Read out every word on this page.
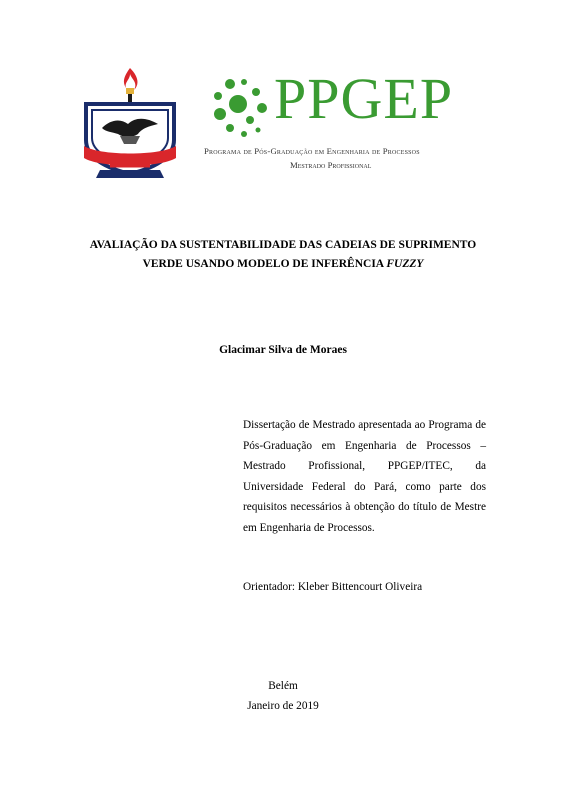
PPGEP
Programa de Pós-Graduação em Engenharia de Processos
Mestrado Profissional
AVALIAÇÃO DA SUSTENTABILIDADE DAS CADEIAS DE SUPRIMENTO
VERDE USANDO MODELO DE INFERÊNCIA FUZZY
Glacimar Silva de Moraes
Dissertação de Mestrado apresentada ao Programa de Pós-Graduação em Engenharia de Processos – Mestrado Profissional, PPGEP/ITEC, da Universidade Federal do Pará, como parte dos requisitos necessários à obtenção do título de Mestre em Engenharia de Processos.
Orientador: Kleber Bittencourt Oliveira
Belém
Janeiro de 2019
